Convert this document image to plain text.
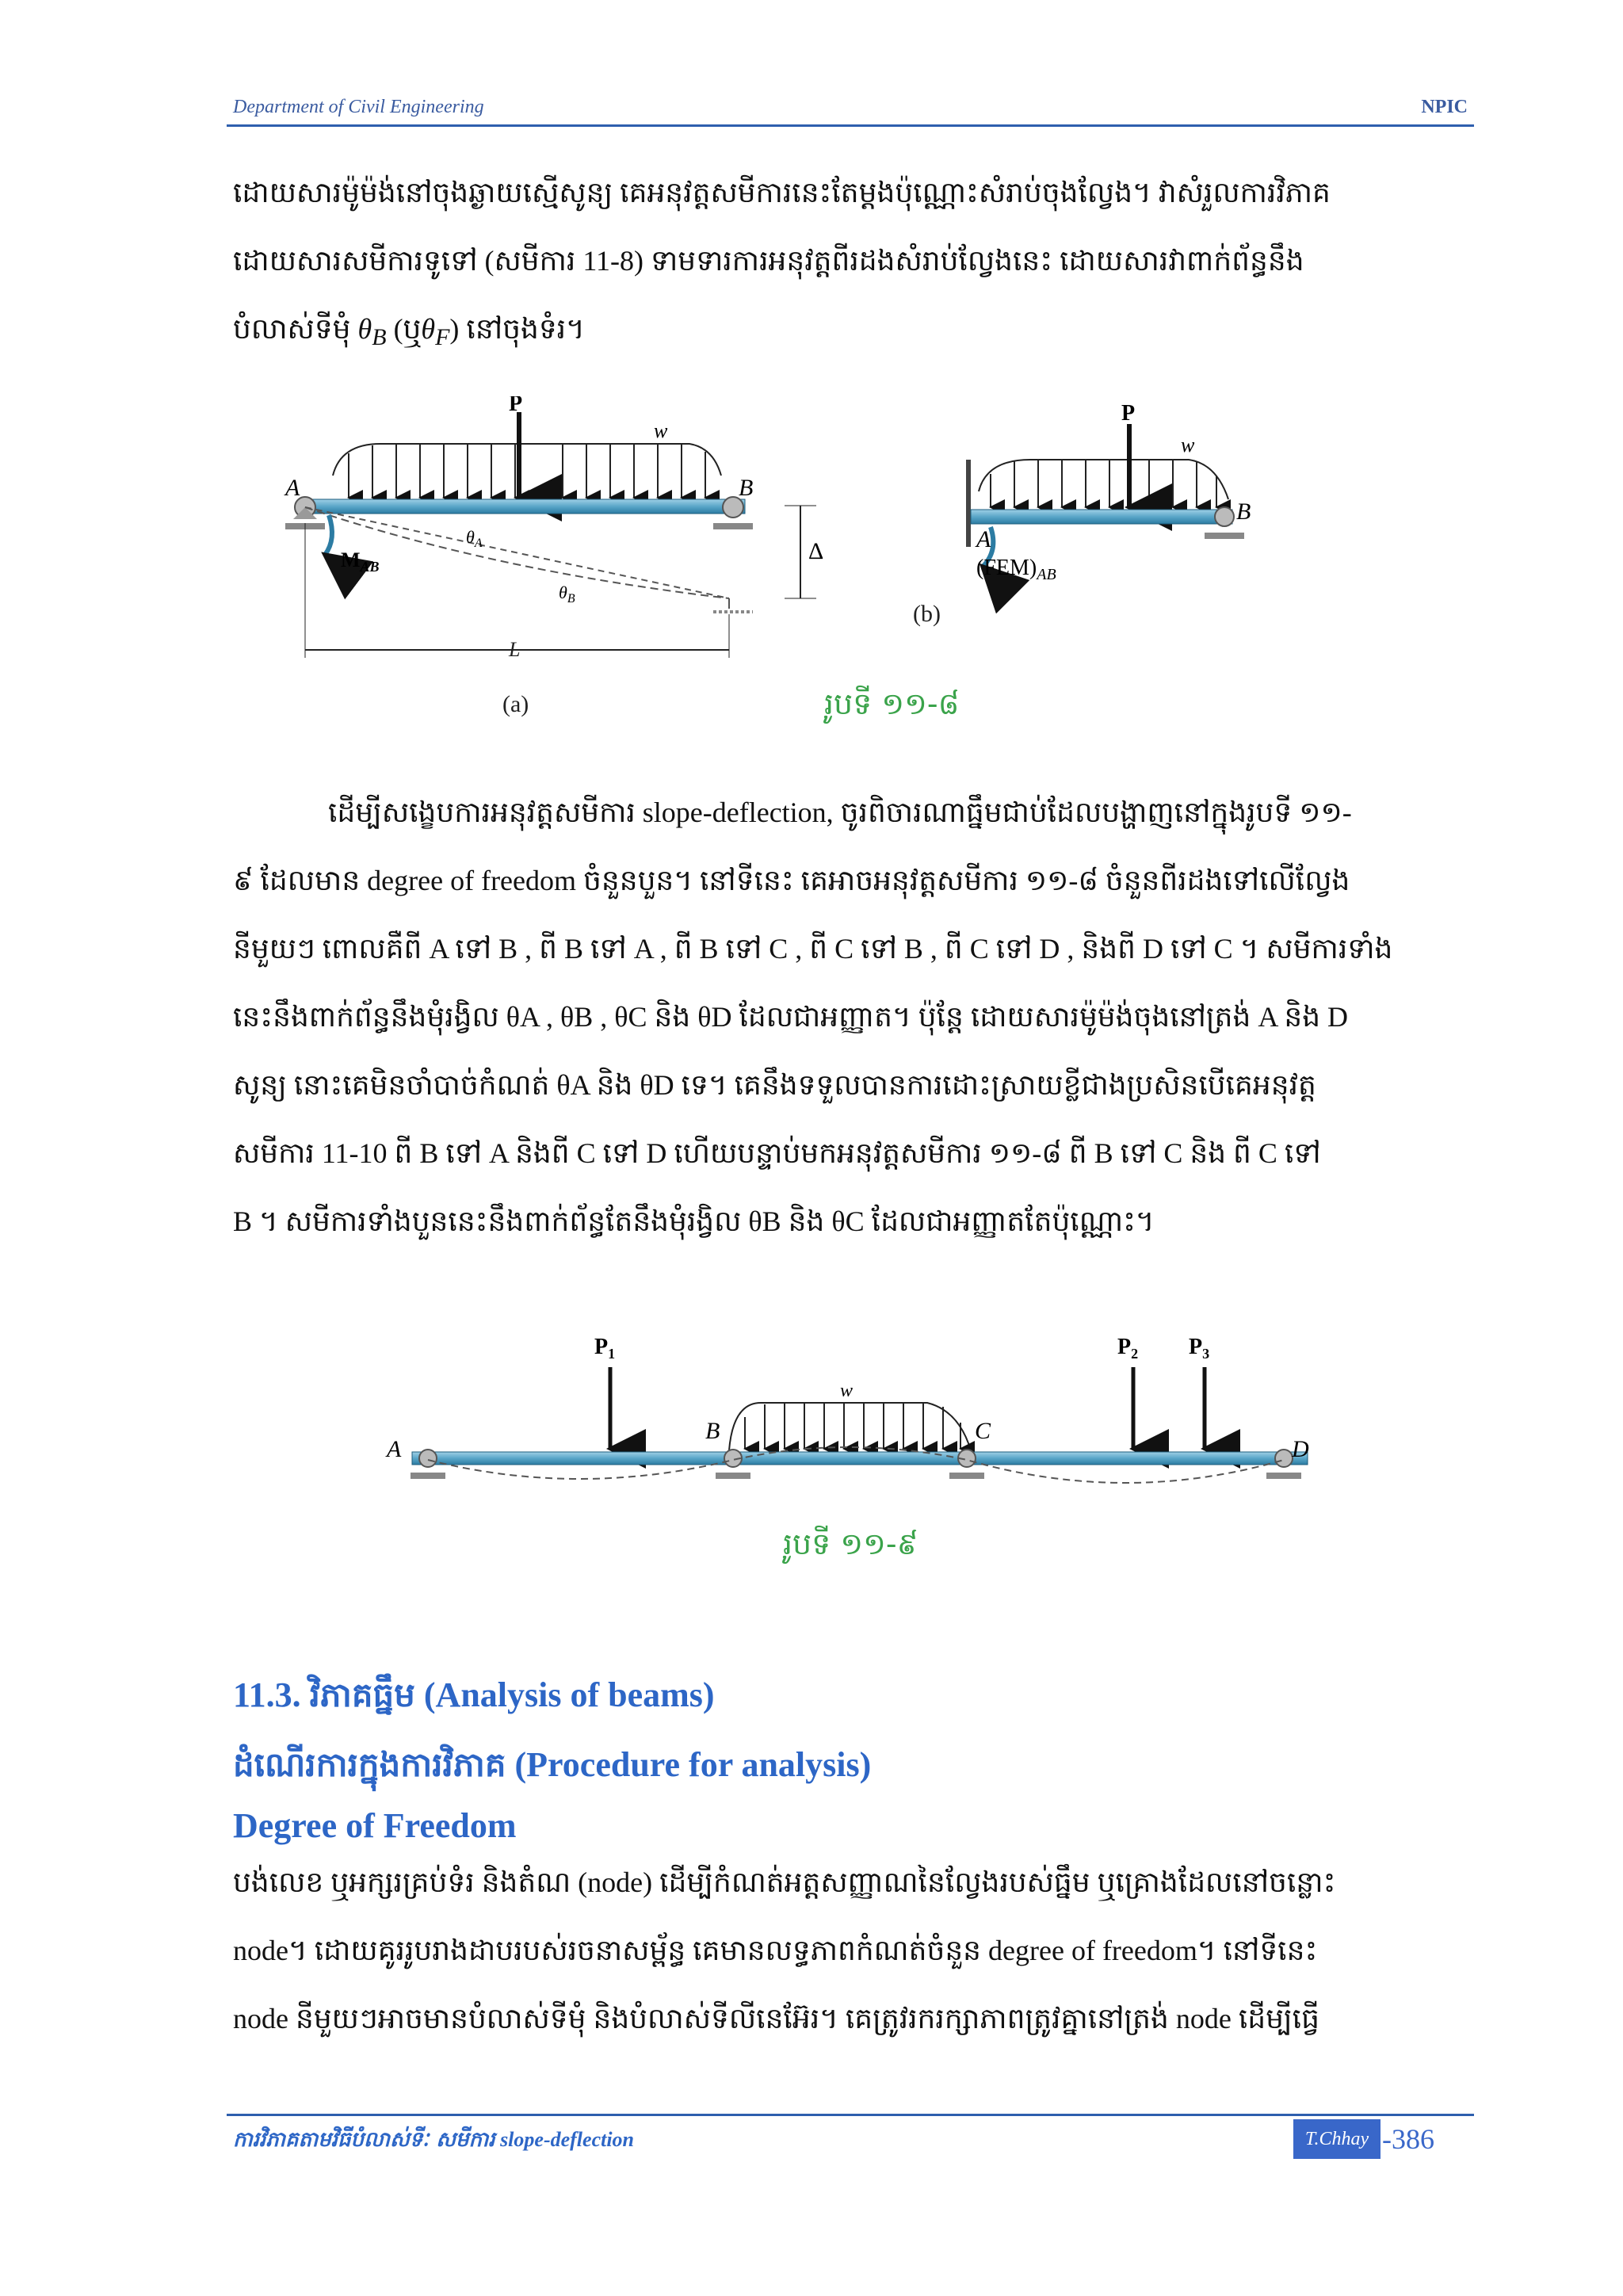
Department of Civil Engineering	NPIC

ដោយសារម៉ូម៉ង់នៅចុងឆ្ងាយស្មើសូន្យ គេអនុវត្តសមីការនេះតែម្តងប៉ុណ្ណោះសំរាប់ចុងល្វែង។ វាសំរួលការវិភាគ
ដោយសារសមីការទូទៅ (សមីការ 11-8) ទាមទារការអនុវត្តពីរដងសំរាប់ល្វែងនេះ ដោយសារវាពាក់ព័ន្ធនឹង
បំលាស់ទីមុំ $\theta_B$ (ឬ$\theta_F$) នៅចុងទំរ។

P
w
A	B
$M_{AB}$
$\theta_A$
$\theta_B$
Δ
L
P
w
B
A
$(FEM)_{AB}$
(b)
(a)	រូបទី ១១-៨

ដើម្បីសង្ខេបការអនុវត្តសមីការ slope-deflection, ចូរពិចារណាធ្នឹមជាប់ដែលបង្ហាញនៅក្នុងរូបទី ១១-
៩ ដែលមាន degree of freedom ចំនួនបួន។ នៅទីនេះ គេអាចអនុវត្តសមីការ ១១-៨ ចំនួនពីរដងទៅលើល្វែង
នីមួយៗ ពោលគឺពី A ទៅ B , ពី B ទៅ A , ពី B ទៅ C , ពី C ទៅ B , ពី C ទៅ D , និងពី D ទៅ C ។ សមីការទាំង
នេះនឹងពាក់ព័ន្ធនឹងមុំរង្វិល θA , θB , θC និង θD ដែលជាអញ្ញាត។ ប៉ុន្តែ ដោយសារម៉ូម៉ង់ចុងនៅត្រង់ A និង D
សូន្យ នោះគេមិនចាំបាច់កំណត់ θA និង θD ទេ។ គេនឹងទទួលបានការដោះស្រាយខ្លីជាងប្រសិនបើគេអនុវត្ត
សមីការ 11-10 ពី B ទៅ A និងពី C ទៅ D ហើយបន្ទាប់មកអនុវត្តសមីការ ១១-៨ ពី B ទៅ C និង ពី C ទៅ
B ។ សមីការទាំងបួននេះនឹងពាក់ព័ន្ធតែនឹងមុំរង្វិល θB និង θC ដែលជាអញ្ញាតតែប៉ុណ្ណោះ។

$P_1$	$P_2$ $P_3$
w
A
B	C
D
រូបទី ១១-៩
11.3. វិភាគធ្នឹម (Analysis of beams)
ដំណើរការក្នុងការវិភាគ (Procedure for analysis)
Degree of Freedom

បង់លេខ ឬអក្សរគ្រប់ទំរ និងតំណ (node) ដើម្បីកំណត់អត្តសញ្ញាណនៃល្វែងរបស់ធ្នឹម ឬគ្រោងដែលនៅចន្លោះ
node។ ដោយគូររូបរាងដាបរបស់រចនាសម្ព័ន្ធ គេមានលទ្ធភាពកំណត់ចំនួន degree of freedom។ នៅទីនេះ
node នីមួយៗអាចមានបំលាស់ទីមុំ និងបំលាស់ទីលីនេអ៊ែរ។ គេត្រូវរករក្សាភាពត្រូវគ្នានៅត្រង់ node ដើម្បីធ្វើ

ការវិភាគតាមវិធីបំលាស់ទីៈ សមីការ slope-deflection	T.Chhay -386
